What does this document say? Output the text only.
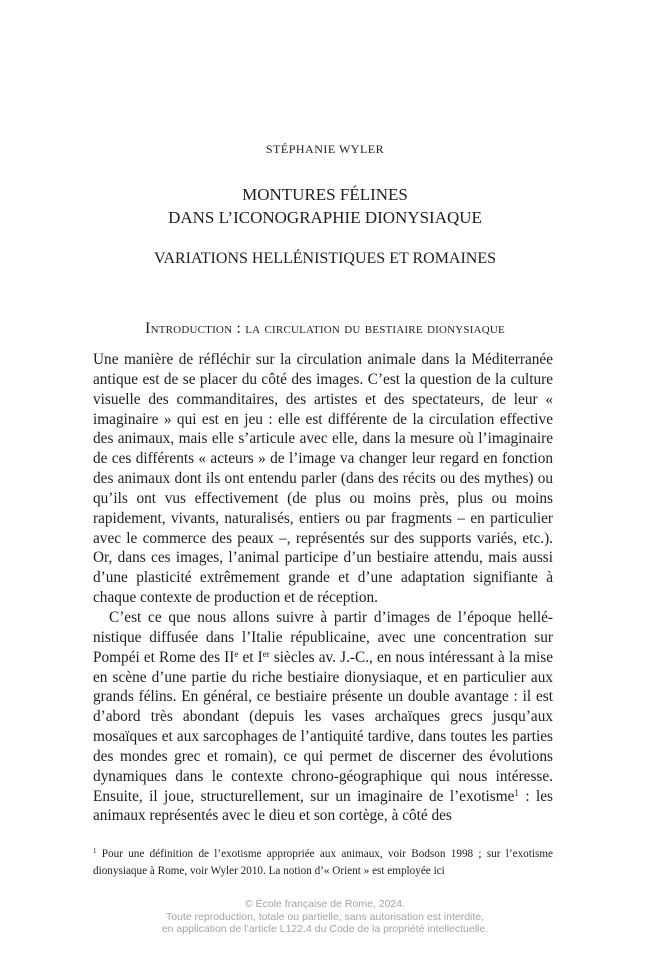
STÉPHANIE WYLER
MONTURES FÉLINES
DANS L’ICONOGRAPHIE DIONYSIAQUE
VARIATIONS HELLÉNISTIQUES ET ROMAINES
Introduction : la circulation du bestiaire dionysiaque

Une manière de réfléchir sur la circulation animale dans la Méditerranée antique est de se placer du côté des images. C’est la question de la culture visuelle des commanditaires, des artistes et des spectateurs, de leur « imaginaire » qui est en jeu : elle est différente de la circulation effective des animaux, mais elle s’articule avec elle, dans la mesure où l’imaginaire de ces différents « acteurs » de l’image va changer leur regard en fonction des animaux dont ils ont entendu parler (dans des récits ou des mythes) ou qu’ils ont vus effectivement (de plus ou moins près, plus ou moins rapidement, vivants, naturalisés, entiers ou par fragments – en particulier avec le commerce des peaux –, représentés sur des supports variés, etc.). Or, dans ces images, l’animal participe d’un bestiaire attendu, mais aussi d’une plasticité extrêmement grande et d’une adaptation signifiante à chaque contexte de production et de réception.

C’est ce que nous allons suivre à partir d’images de l’époque hellénistique diffusée dans l’Italie républicaine, avec une concentration sur Pompéi et Rome des IIe et Ier siècles av. J.-C., en nous intéressant à la mise en scène d’une partie du riche bestiaire dionysiaque, et en particulier aux grands félins. En général, ce bestiaire présente un double avantage : il est d’abord très abondant (depuis les vases archaïques grecs jusqu’aux mosaïques et aux sarcophages de l’antiquité tardive, dans toutes les parties des mondes grec et romain), ce qui permet de discerner des évolutions dynamiques dans le contexte chrono-géographique qui nous intéresse. Ensuite, il joue, structurellement, sur un imaginaire de l’exotisme$^1$ : les animaux représentés avec le dieu et son cortège, à côté des

$^1$ Pour une définition de l’exotisme appropriée aux animaux, voir Bodson 1998 ; sur l’exotisme dionysiaque à Rome, voir Wyler 2010. La notion d’« Orient » est employée ici
© École française de Rome, 2024.
Toute reproduction, totale ou partielle, sans autorisation est interdite,
en application de l’article L122.4 du Code de la propriété intellectuelle.
